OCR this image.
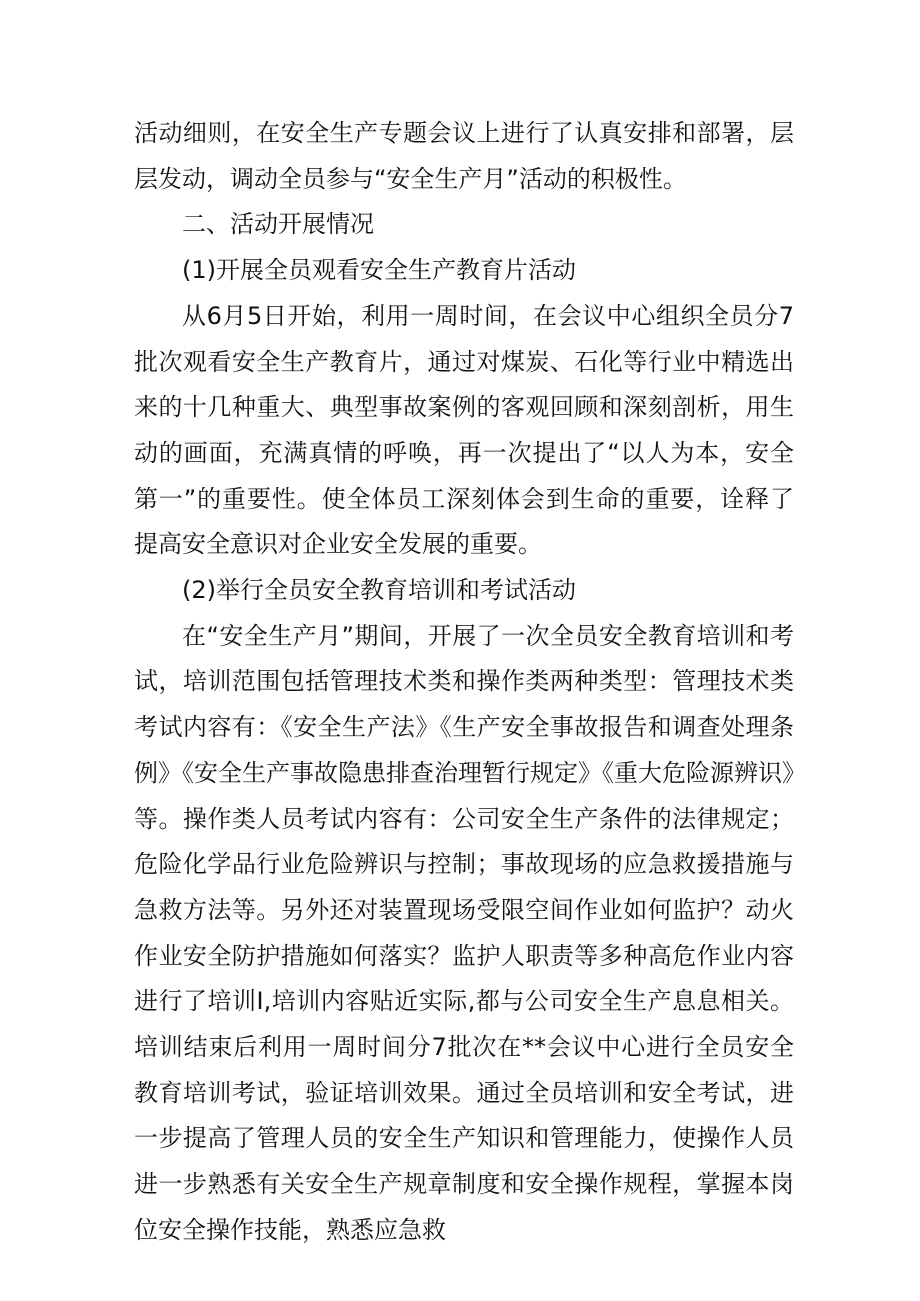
活动细则，在安全生产专题会议上进行了认真安排和部署，层层发动，调动全员参与“安全生产月”活动的积极性。

二、活动开展情况

(1)开展全员观看安全生产教育片活动

从6月5日开始，利用一周时间，在会议中心组织全员分7批次观看安全生产教育片，通过对煤炭、石化等行业中精选出来的十几种重大、典型事故案例的客观回顾和深刻剖析，用生动的画面，充满真情的呼唤，再一次提出了“以人为本，安全第一”的重要性。使全体员工深刻体会到生命的重要，诠释了提高安全意识对企业安全发展的重要。

(2)举行全员安全教育培训和考试活动

在“安全生产月”期间，开展了一次全员安全教育培训和考试，培训范围包括管理技术类和操作类两种类型：管理技术类考试内容有：《安全生产法》《生产安全事故报告和调查处理条例》《安全生产事故隐患排查治理暂行规定》《重大危险源辨识》等。操作类人员考试内容有：公司安全生产条件的法律规定；危险化学品行业危险辨识与控制；事故现场的应急救援措施与急救方法等。另外还对装置现场受限空间作业如何监护？动火作业安全防护措施如何落实？监护人职责等多种高危作业内容进行了培训I,培训内容贴近实际,都与公司安全生产息息相关。培训结束后利用一周时间分7批次在**会议中心进行全员安全教育培训考试，验证培训效果。通过全员培训和安全考试，进一步提高了管理人员的安全生产知识和管理能力，使操作人员进一步熟悉有关安全生产规章制度和安全操作规程，掌握本岗位安全操作技能，熟悉应急救
